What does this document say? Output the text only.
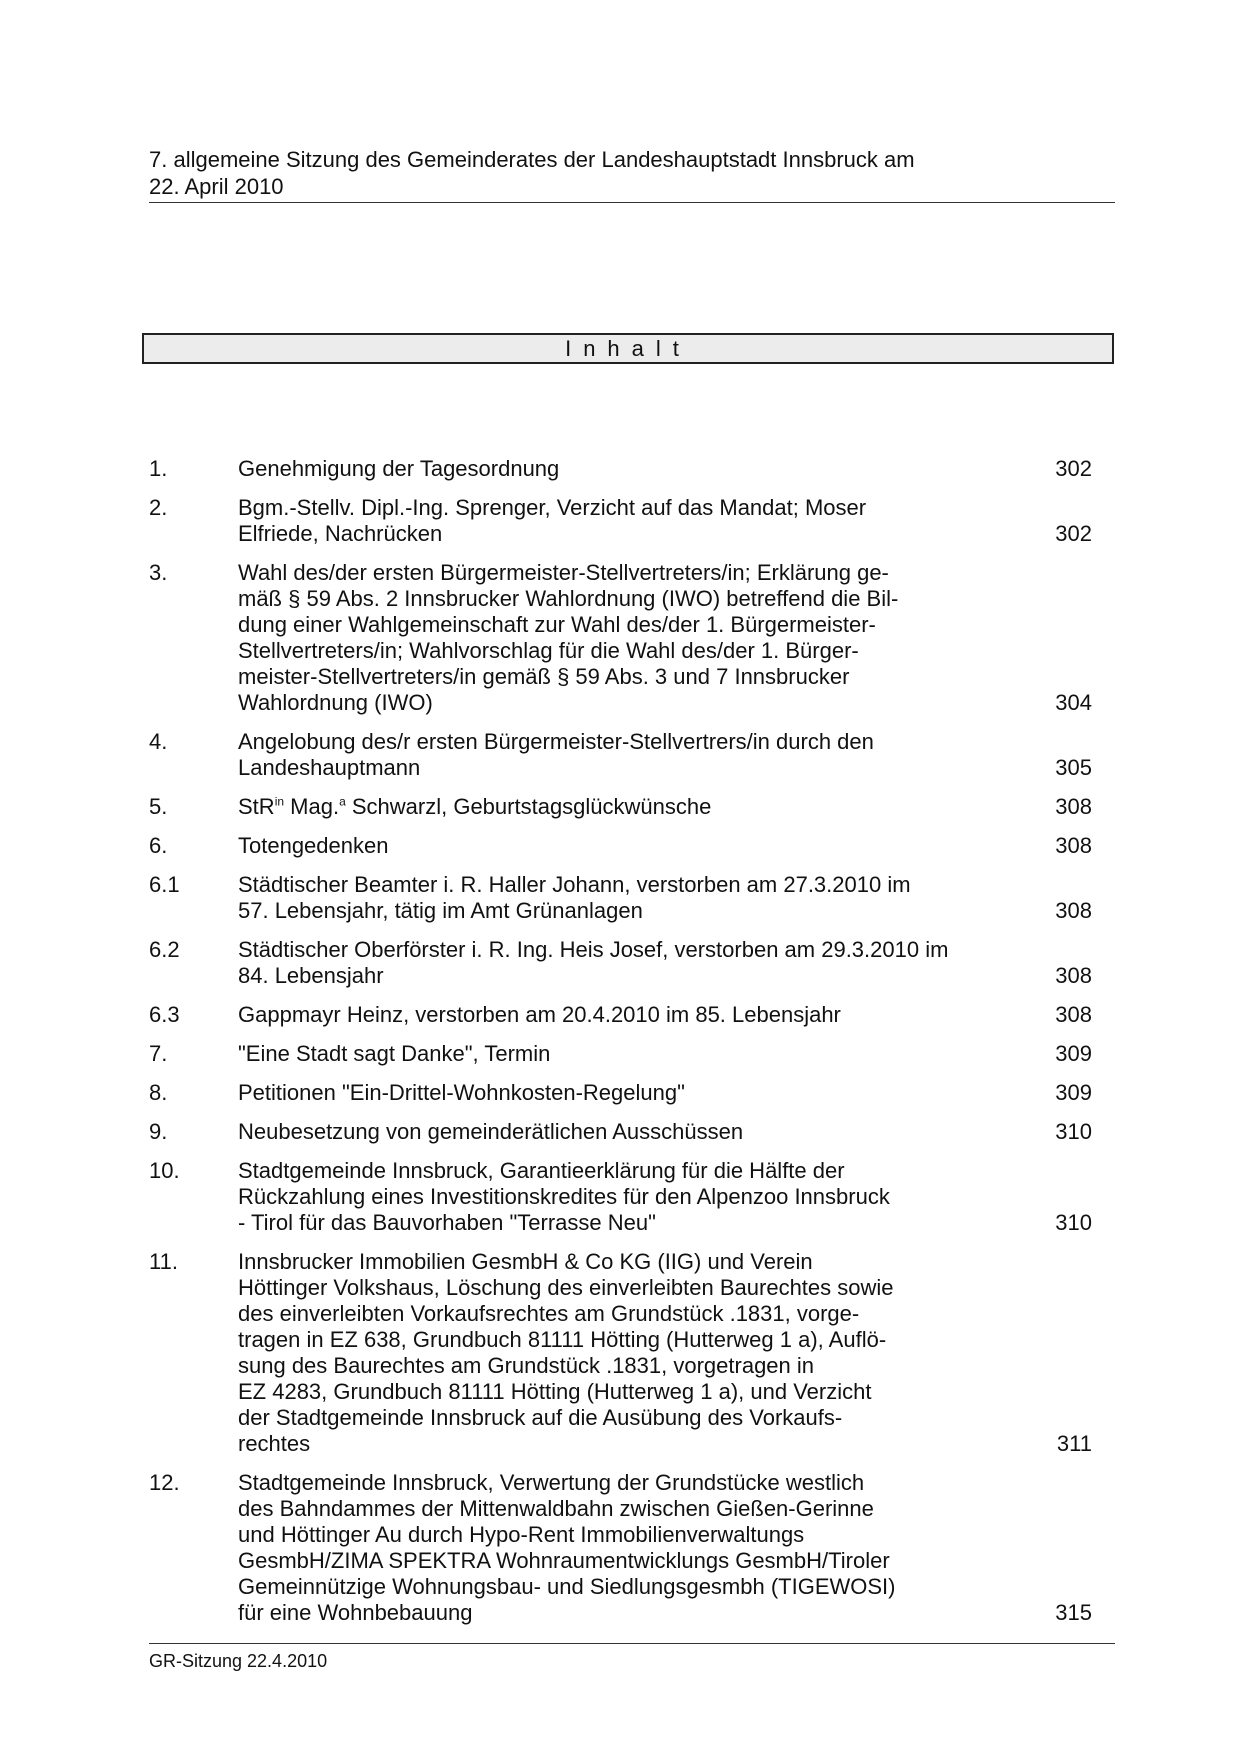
7. allgemeine Sitzung des Gemeinderates der Landeshauptstadt Innsbruck am
22. April 2010
Inhalt
1.	Genehmigung der Tagesordnung	302
2.	Bgm.-Stellv. Dipl.-Ing. Sprenger, Verzicht auf das Mandat; Moser
Elfriede, Nachrücken	302
3.	Wahl des/der ersten Bürgermeister-Stellvertreters/in; Erklärung ge-
mäß § 59 Abs. 2 Innsbrucker Wahlordnung (IWO) betreffend die Bil-
dung einer Wahlgemeinschaft zur Wahl des/der 1. Bürgermeister-
Stellvertreters/in; Wahlvorschlag für die Wahl des/der 1. Bürger-
meister-Stellvertreters/in gemäß § 59 Abs. 3 und 7 Innsbrucker
Wahlordnung (IWO)	304
4.	Angelobung des/r ersten Bürgermeister-Stellvertrers/in durch den
Landeshauptmann	305
5.	StR$^{in}$ Mag.$^a$ Schwarzl, Geburtstagsglückwünsche	308
6.	Totengedenken	308
6.1	Städtischer Beamter i. R. Haller Johann, verstorben am 27.3.2010 im
57. Lebensjahr, tätig im Amt Grünanlagen	308
6.2	Städtischer Oberförster i. R. Ing. Heis Josef, verstorben am 29.3.2010 im
84. Lebensjahr	308
6.3	Gappmayr Heinz, verstorben am 20.4.2010 im 85. Lebensjahr	308
7.	"Eine Stadt sagt Danke", Termin	309
8.	Petitionen "Ein-Drittel-Wohnkosten-Regelung"	309
9.	Neubesetzung von gemeinderätlichen Ausschüssen	310
10.	Stadtgemeinde Innsbruck, Garantieerklärung für die Hälfte der
Rückzahlung eines Investitionskredites für den Alpenzoo Innsbruck
- Tirol für das Bauvorhaben "Terrasse Neu"	310
11.	Innsbrucker Immobilien GesmbH & Co KG (IIG) und Verein
Höttinger Volkshaus, Löschung des einverleibten Baurechtes sowie
des einverleibten Vorkaufsrechtes am Grundstück .1831, vorge-
tragen in EZ 638, Grundbuch 81111 Hötting (Hutterweg 1 a), Auflö-
sung des Baurechtes am Grundstück .1831, vorgetragen in
EZ 4283, Grundbuch 81111 Hötting (Hutterweg 1 a), und Verzicht
der Stadtgemeinde Innsbruck auf die Ausübung des Vorkaufs-
rechtes	311
12.	Stadtgemeinde Innsbruck, Verwertung der Grundstücke westlich
des Bahndammes der Mittenwaldbahn zwischen Gießen-Gerinne
und Höttinger Au durch Hypo-Rent Immobilienverwaltungs
GesmbH/ZIMA SPEKTRA Wohnraumentwicklungs GesmbH/Tiroler
Gemeinnützige Wohnungsbau- und Siedlungsgesmbh (TIGEWOSI)
für eine Wohnbebauung	315
GR-Sitzung 22.4.2010
